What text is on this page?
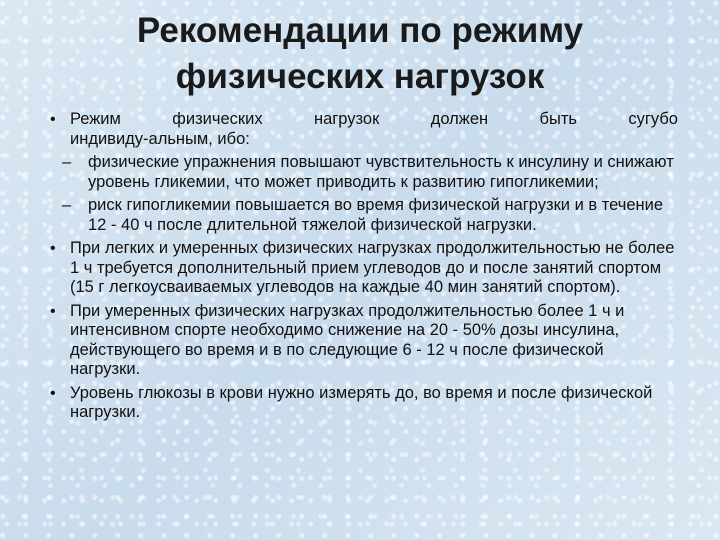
Рекомендации по режиму
физических нагрузок
• Режим	физических	нагрузок	должен	быть	сугубо
индивиду-альным, ибо:
– физические упражнения повышают чувствительность к инсулину и снижают уровень гликемии, что может приводить к развитию гипогликемии;
– риск гипогликемии повышается во время физической нагрузки и в течение 12 - 40 ч после длительной тяжелой физической нагрузки.
• При легких и умеренных физических нагрузках продолжительностью не более 1 ч требуется дополнительный прием углеводов до и после занятий спортом (15 г легкоусваиваемых углеводов на каждые 40 мин занятий спортом).
• При умеренных физических нагрузках продолжительностью более 1 ч и интенсивном спорте необходимо снижение на 20 - 50% дозы инсулина, действующего во время и в по следующие 6 - 12 ч после физической нагрузки.
• Уровень глюкозы в крови нужно измерять до, во время и после физической нагрузки.
